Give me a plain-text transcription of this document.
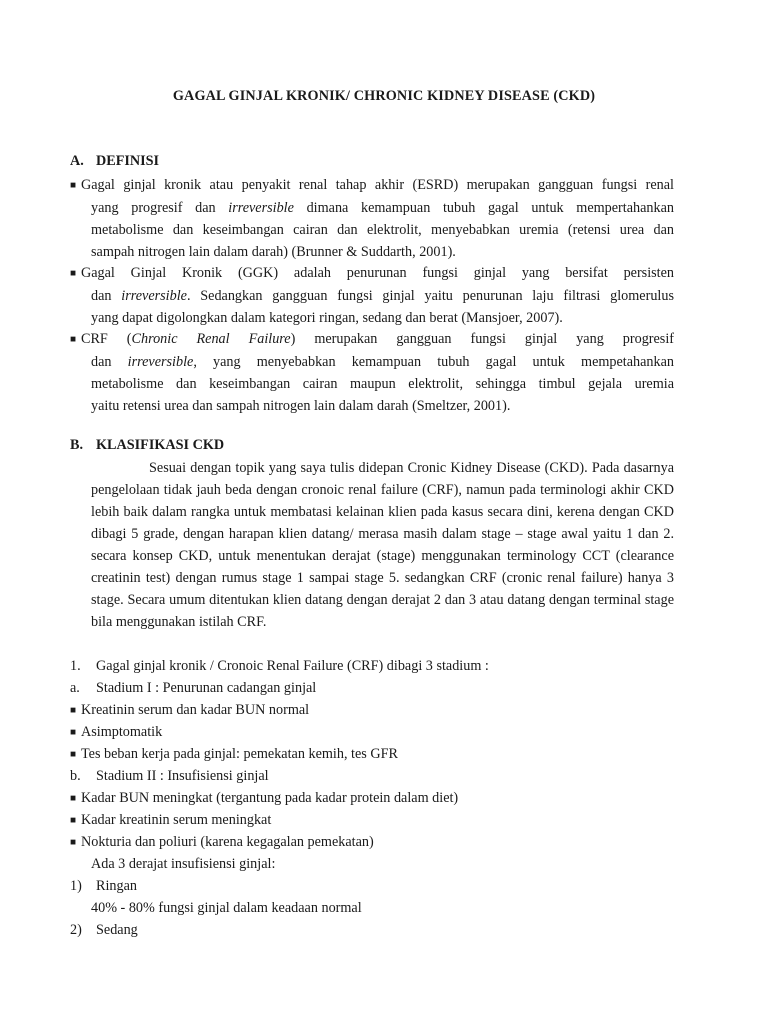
GAGAL GINJAL KRONIK/ CHRONIC KIDNEY DISEASE (CKD)
A. DEFINISI
■ Gagal ginjal kronik atau penyakit renal tahap akhir (ESRD) merupakan gangguan fungsi renal
yang progresif dan irreversible dimana kemampuan tubuh gagal untuk mempertahankan
metabolisme dan keseimbangan cairan dan elektrolit, menyebabkan uremia (retensi urea dan
sampah nitrogen lain dalam darah) (Brunner & Suddarth, 2001).
■ Gagal Ginjal Kronik (GGK) adalah penurunan fungsi ginjal yang bersifat persisten
dan irreversible. Sedangkan gangguan fungsi ginjal yaitu penurunan laju filtrasi glomerulus
yang dapat digolongkan dalam kategori ringan, sedang dan berat (Mansjoer, 2007).
■ CRF (Chronic Renal Failure) merupakan gangguan fungsi ginjal yang progresif
dan irreversible, yang menyebabkan kemampuan tubuh gagal untuk mempetahankan
metabolisme dan keseimbangan cairan maupun elektrolit, sehingga timbul gejala uremia
yaitu retensi urea dan sampah nitrogen lain dalam darah (Smeltzer, 2001).
B. KLASIFIKASI CKD
Sesuai dengan topik yang saya tulis didepan Cronic Kidney Disease (CKD). Pada dasarnya pengelolaan tidak jauh beda dengan cronoic renal failure (CRF), namun pada terminologi akhir CKD lebih baik dalam rangka untuk membatasi kelainan klien pada kasus secara dini, kerena dengan CKD dibagi 5 grade, dengan harapan klien datang/ merasa masih dalam stage – stage awal yaitu 1 dan 2. secara konsep CKD, untuk menentukan derajat (stage) menggunakan terminology CCT (clearance creatinin test) dengan rumus stage 1 sampai stage 5. sedangkan CRF (cronic renal failure) hanya 3 stage. Secara umum ditentukan klien datang dengan derajat 2 dan 3 atau datang dengan terminal stage bila menggunakan istilah CRF.
1. Gagal ginjal kronik / Cronoic Renal Failure (CRF) dibagi 3 stadium :
a. Stadium I : Penurunan cadangan ginjal
■ Kreatinin serum dan kadar BUN normal
■ Asimptomatik
■ Tes beban kerja pada ginjal: pemekatan kemih, tes GFR
b. Stadium II : Insufisiensi ginjal
■ Kadar BUN meningkat (tergantung pada kadar protein dalam diet)
■ Kadar kreatinin serum meningkat
■ Nokturia dan poliuri (karena kegagalan pemekatan)
Ada 3 derajat insufisiensi ginjal:
1) Ringan
40% - 80% fungsi ginjal dalam keadaan normal
2) Sedang
